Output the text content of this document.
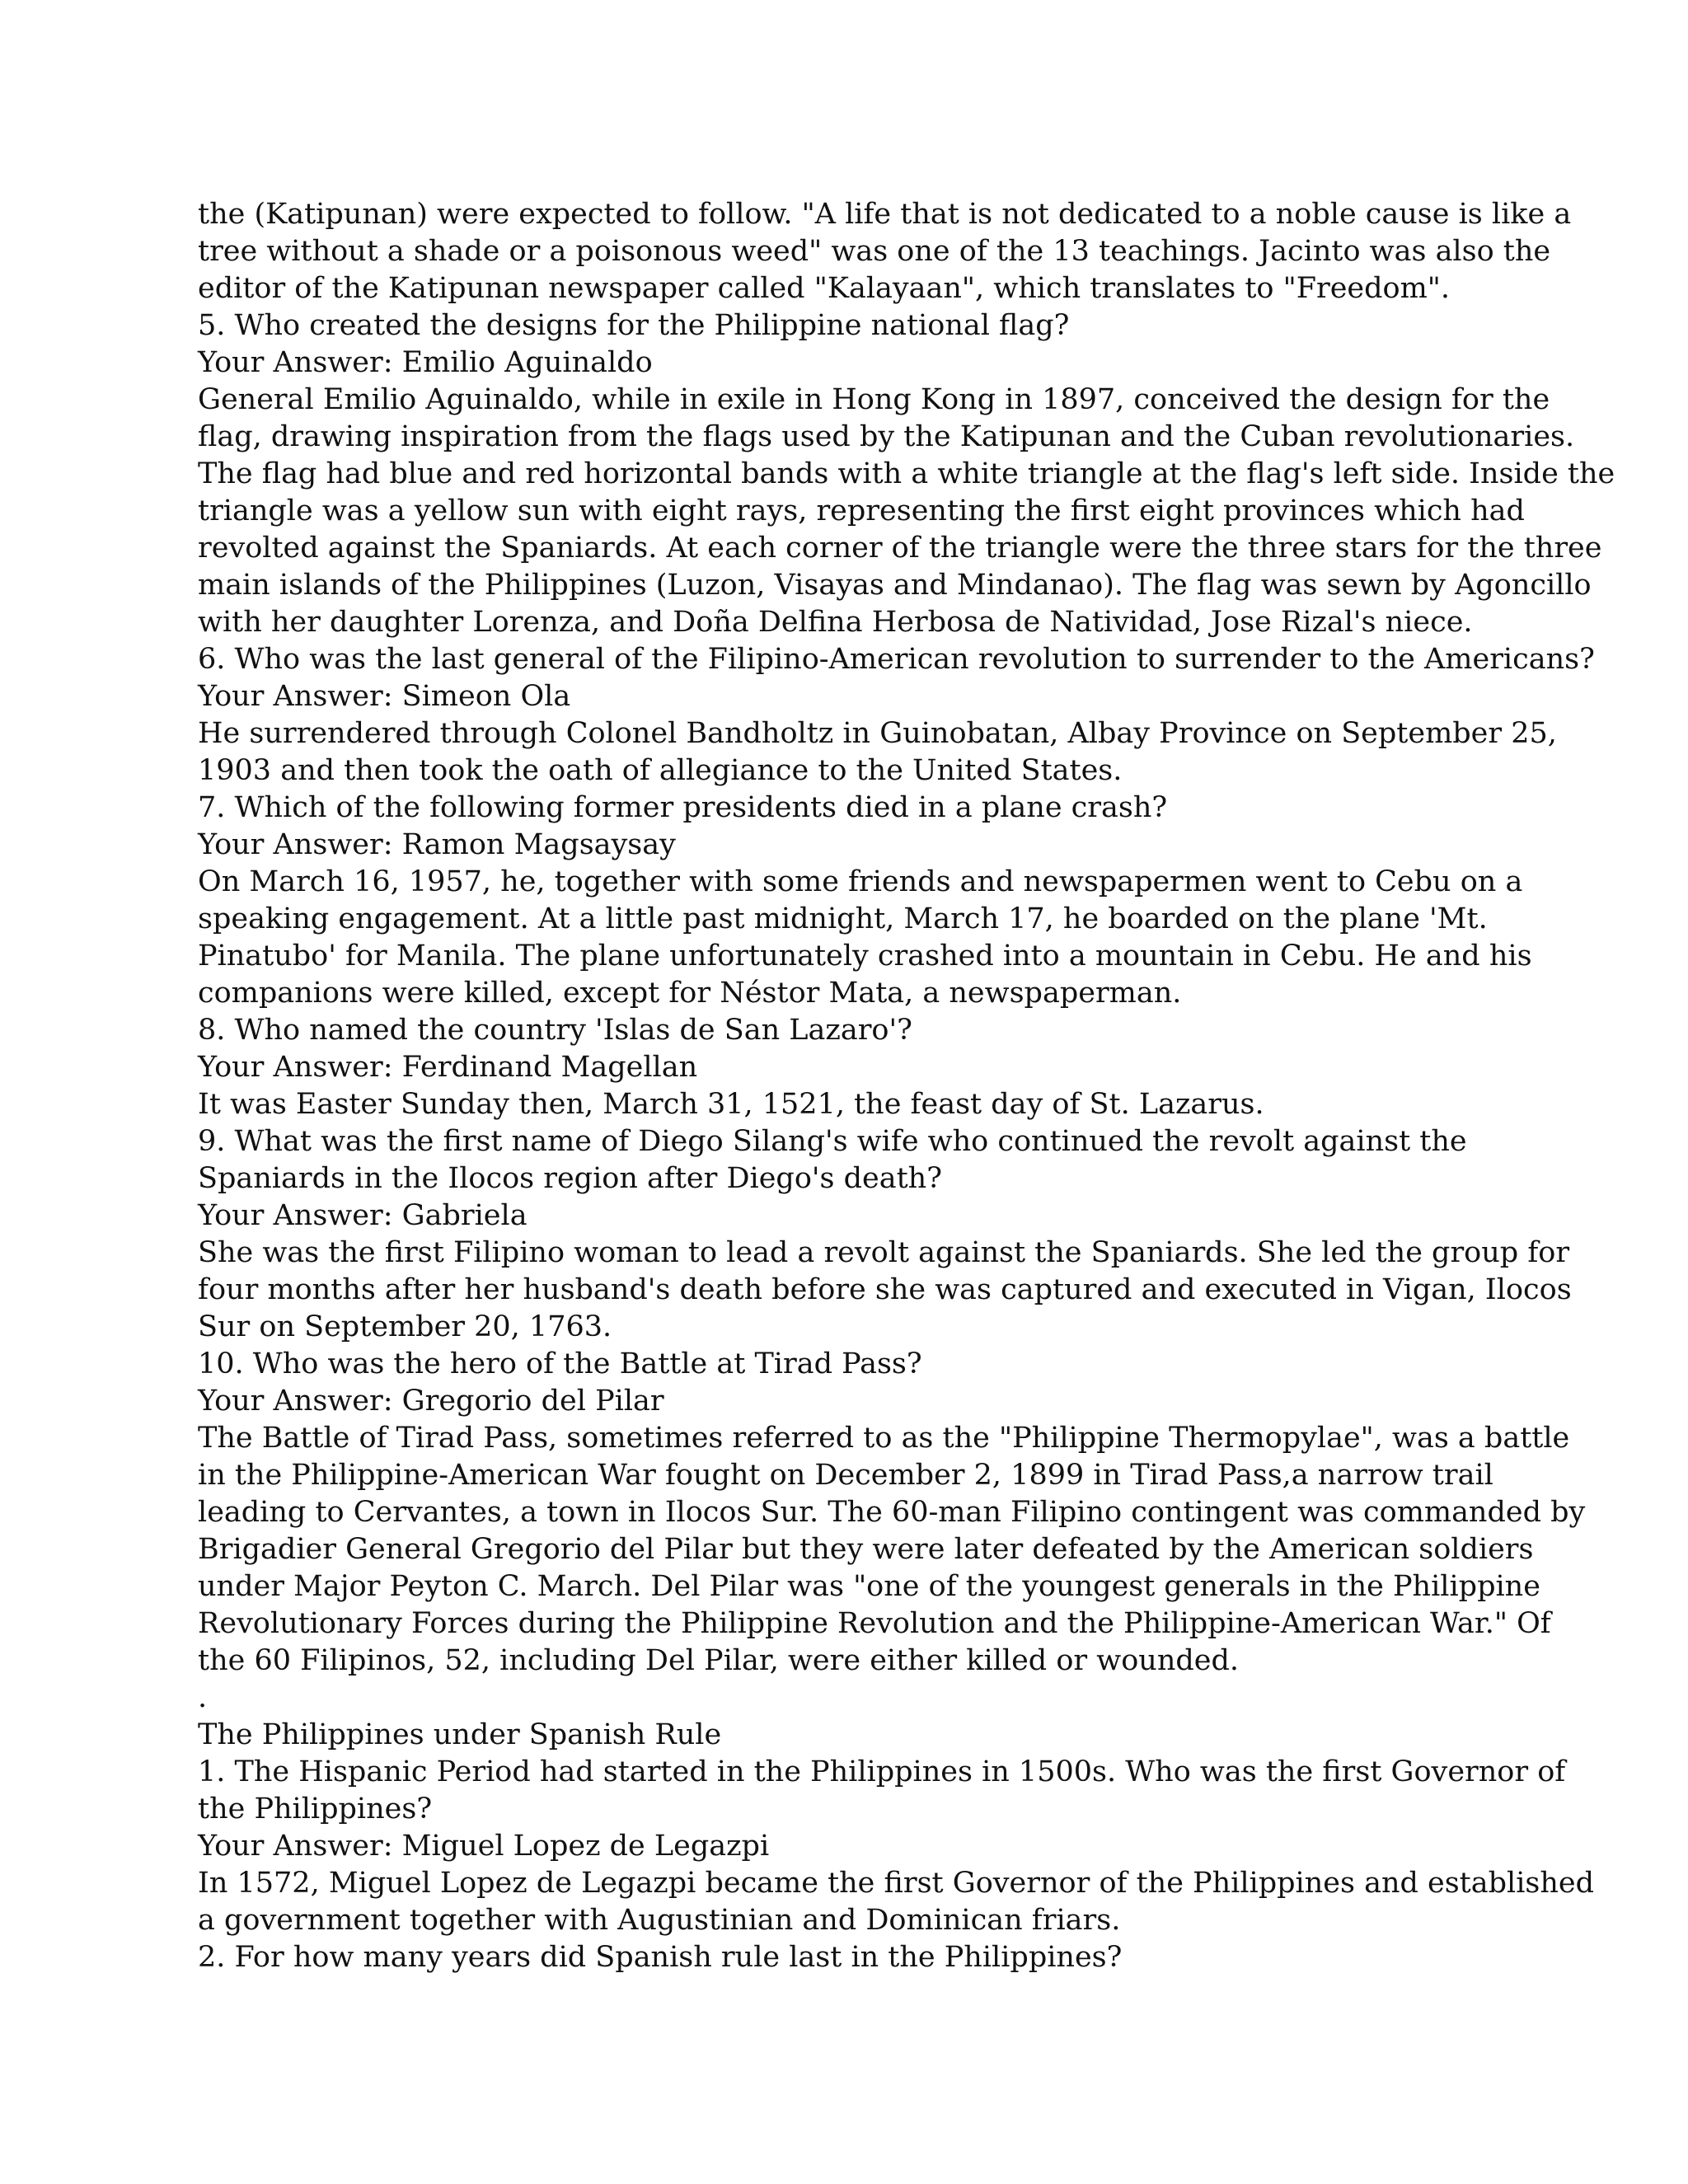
the (Katipunan) were expected to follow. "A life that is not dedicated to a noble cause is like a
tree without a shade or a poisonous weed" was one of the 13 teachings. Jacinto was also the
editor of the Katipunan newspaper called "Kalayaan", which translates to "Freedom".
5. Who created the designs for the Philippine national flag?
Your Answer: Emilio Aguinaldo
General Emilio Aguinaldo, while in exile in Hong Kong in 1897, conceived the design for the
flag, drawing inspiration from the flags used by the Katipunan and the Cuban revolutionaries.
The flag had blue and red horizontal bands with a white triangle at the flag's left side. Inside the
triangle was a yellow sun with eight rays, representing the first eight provinces which had
revolted against the Spaniards. At each corner of the triangle were the three stars for the three
main islands of the Philippines (Luzon, Visayas and Mindanao). The flag was sewn by Agoncillo
with her daughter Lorenza, and Doña Delfina Herbosa de Natividad, Jose Rizal's niece.
6. Who was the last general of the Filipino-American revolution to surrender to the Americans?
Your Answer: Simeon Ola
He surrendered through Colonel Bandholtz in Guinobatan, Albay Province on September 25,
1903 and then took the oath of allegiance to the United States.
7. Which of the following former presidents died in a plane crash?
Your Answer: Ramon Magsaysay
On March 16, 1957, he, together with some friends and newspapermen went to Cebu on a
speaking engagement. At a little past midnight, March 17, he boarded on the plane 'Mt.
Pinatubo' for Manila. The plane unfortunately crashed into a mountain in Cebu. He and his
companions were killed, except for Néstor Mata, a newspaperman.
8. Who named the country 'Islas de San Lazaro'?
Your Answer: Ferdinand Magellan
It was Easter Sunday then, March 31, 1521, the feast day of St. Lazarus.
9. What was the first name of Diego Silang's wife who continued the revolt against the
Spaniards in the Ilocos region after Diego's death?
Your Answer: Gabriela
She was the first Filipino woman to lead a revolt against the Spaniards. She led the group for
four months after her husband's death before she was captured and executed in Vigan, Ilocos
Sur on September 20, 1763.
10. Who was the hero of the Battle at Tirad Pass?
Your Answer: Gregorio del Pilar
The Battle of Tirad Pass, sometimes referred to as the "Philippine Thermopylae", was a battle
in the Philippine-American War fought on December 2, 1899 in Tirad Pass,a narrow trail
leading to Cervantes, a town in Ilocos Sur. The 60-man Filipino contingent was commanded by
Brigadier General Gregorio del Pilar but they were later defeated by the American soldiers
under Major Peyton C. March. Del Pilar was "one of the youngest generals in the Philippine
Revolutionary Forces during the Philippine Revolution and the Philippine-American War." Of
the 60 Filipinos, 52, including Del Pilar, were either killed or wounded.
.
The Philippines under Spanish Rule
1. The Hispanic Period had started in the Philippines in 1500s. Who was the first Governor of
the Philippines?
Your Answer: Miguel Lopez de Legazpi
In 1572, Miguel Lopez de Legazpi became the first Governor of the Philippines and established
a government together with Augustinian and Dominican friars.
2. For how many years did Spanish rule last in the Philippines?
